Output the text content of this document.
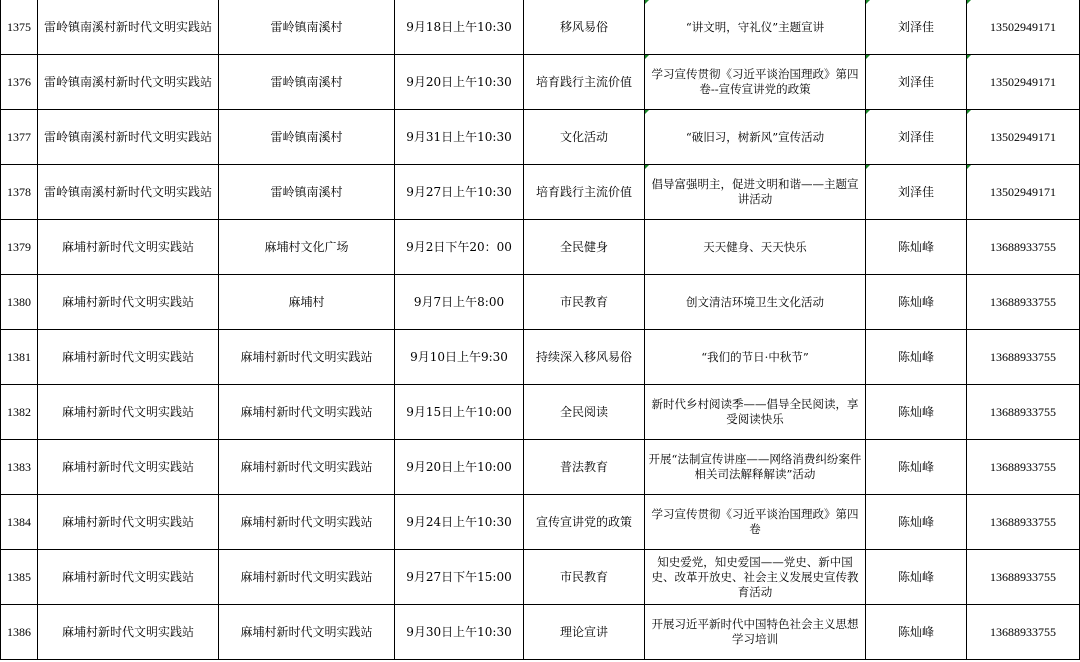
1375	雷岭镇南溪村新时代文明实践站	雷岭镇南溪村	9月18日上午10:30	移风易俗	“讲文明，守礼仪”主题宣讲	刘泽佳	13502949171
1376	雷岭镇南溪村新时代文明实践站	雷岭镇南溪村	9月20日上午10:30	培育践行主流价值	学习宣传贯彻《习近平谈治国理政》第四卷--宣传宣讲党的政策	刘泽佳	13502949171
1377	雷岭镇南溪村新时代文明实践站	雷岭镇南溪村	9月31日上午10:30	文化活动	“破旧习，树新风”宣传活动	刘泽佳	13502949171
1378	雷岭镇南溪村新时代文明实践站	雷岭镇南溪村	9月27日上午10:30	培育践行主流价值	倡导富强明主，促进文明和谐——主题宣讲活动	刘泽佳	13502949171
1379	麻埔村新时代文明实践站	麻埔村文化广场	9月2日下午20：00	全民健身	天天健身、天天快乐	陈灿峰	13688933755
1380	麻埔村新时代文明实践站	麻埔村	9月7日上午8:00	市民教育	创文清洁环境卫生文化活动	陈灿峰	13688933755
1381	麻埔村新时代文明实践站	麻埔村新时代文明实践站	9月10日上午9:30	持续深入移风易俗	“我们的节日·中秋节”	陈灿峰	13688933755
1382	麻埔村新时代文明实践站	麻埔村新时代文明实践站	9月15日上午10:00	全民阅读	新时代乡村阅读季——倡导全民阅读，享受阅读快乐	陈灿峰	13688933755
1383	麻埔村新时代文明实践站	麻埔村新时代文明实践站	9月20日上午10:00	普法教育	开展“法制宣传讲座——网络消费纠纷案件相关司法解释解读”活动	陈灿峰	13688933755
1384	麻埔村新时代文明实践站	麻埔村新时代文明实践站	9月24日上午10:30	宣传宣讲党的政策	学习宣传贯彻《习近平谈治国理政》第四卷	陈灿峰	13688933755
1385	麻埔村新时代文明实践站	麻埔村新时代文明实践站	9月27日下午15:00	市民教育	知史爱党，知史爱国——党史、新中国史、改革开放史、社会主义发展史宣传教育活动	陈灿峰	13688933755
1386	麻埔村新时代文明实践站	麻埔村新时代文明实践站	9月30日上午10:30	理论宣讲	开展习近平新时代中国特色社会主义思想学习培训	陈灿峰	13688933755
